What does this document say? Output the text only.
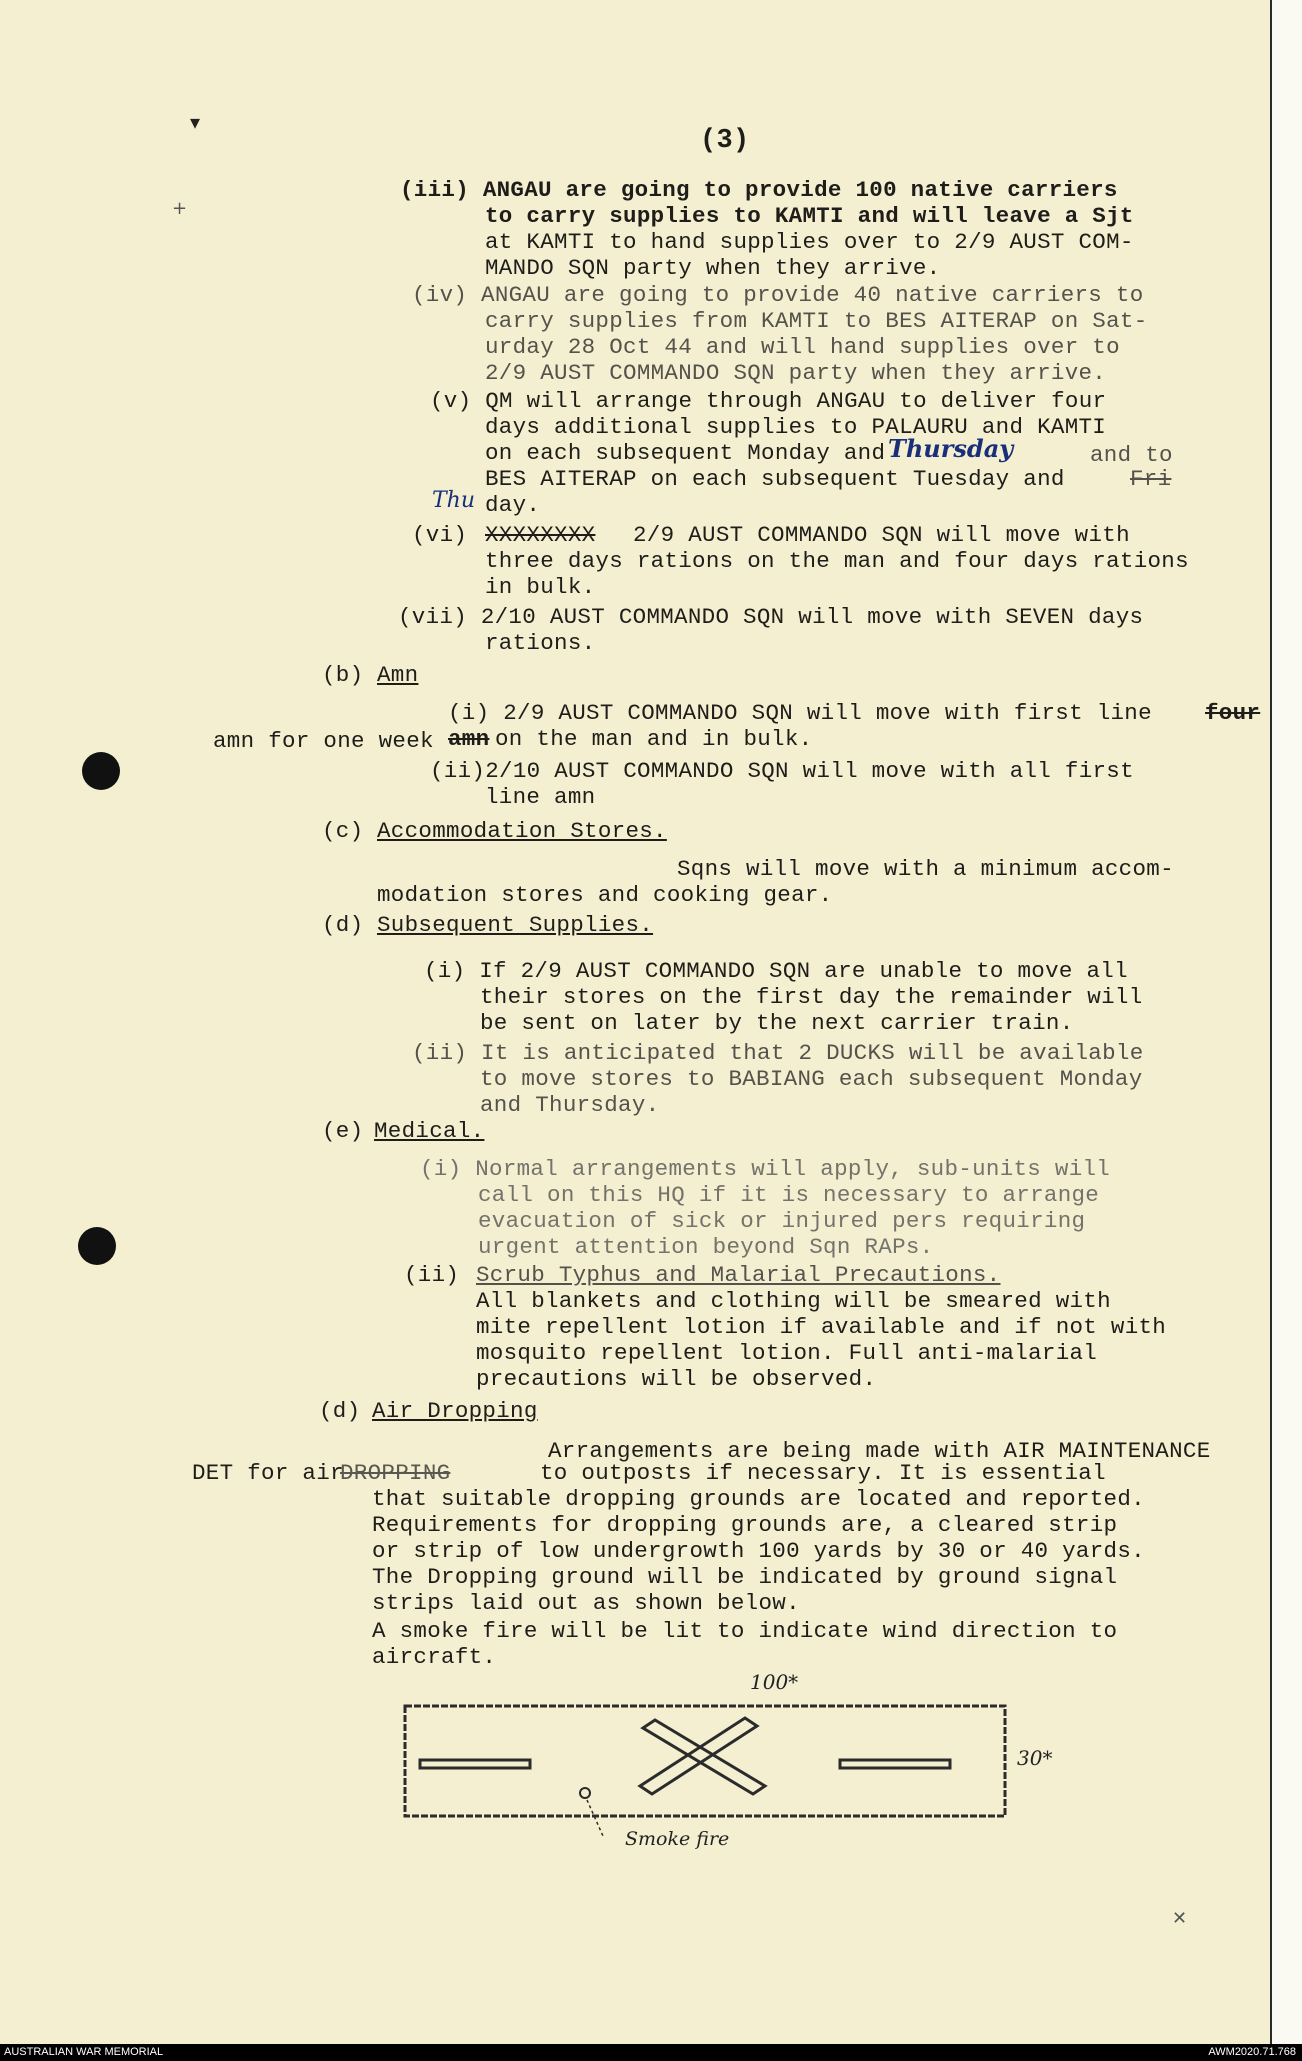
▾
+
✕
(3)
(iii) ANGAU are going to provide 100 native carriers
to carry supplies to KAMTI and will leave a Sjt
at KAMTI to hand supplies over to 2/9 AUST COM-
MANDO SQN party when they arrive.
(iv) ANGAU are going to provide 40 native carriers to
carry supplies from KAMTI to BES AITERAP on Sat-
urday 28 Oct 44 and will hand supplies over to
2/9 AUST COMMANDO SQN party when they arrive.
(v) QM will arrange through ANGAU to deliver four
days additional supplies to PALAURU and KAMTI
on each subsequent Monday and Thursday	and to
BES AITERAP on each subsequent Tuesday and	Fri
Thu day.
(vi) XXXXXXXX 2/9 AUST COMMANDO SQN will move with
three days rations on the man and four days rations
in bulk.
(vii) 2/10 AUST COMMANDO SQN will move with SEVEN days
rations.
(b) Amn
(i) 2/9 AUST COMMANDO SQN will move with first line four
amn for one week amn on the man and in bulk.
(ii)2/10 AUST COMMANDO SQN will move with all first
line amn
(c) Accommodation Stores.
Sqns will move with a minimum accom-
modation stores and cooking gear.
(d) Subsequent Supplies.
(i) If 2/9 AUST COMMANDO SQN are unable to move all
their stores on the first day the remainder will
be sent on later by the next carrier train.
(ii) It is anticipated that 2 DUCKS will be available
to move stores to BABIANG each subsequent Monday
and Thursday.
(e) Medical.
(i) Normal arrangements will apply, sub-units will
call on this HQ if it is necessary to arrange
evacuation of sick or injured pers requiring
urgent attention beyond Sqn RAPs.
(ii) Scrub Typhus and Malarial Precautions.
All blankets and clothing will be smeared with
mite repellent lotion if available and if not with
mosquito repellent lotion. Full anti-malarial
precautions will be observed.
(d) Air Dropping
Arrangements are being made with AIR MAINTENANCE
DET for air
DROPPING	to outposts if necessary. It is essential
that suitable dropping grounds are located and reported.
Requirements for dropping grounds are, a cleared strip
or strip of low undergrowth 100 yards by 30 or 40 yards.
The Dropping ground will be indicated by ground signal
strips laid out as shown below.
A smoke fire will be lit to indicate wind direction to
aircraft.
100*
30*
Smoke fire
AUSTRALIAN WAR MEMORIAL	AWM2020.71.768
